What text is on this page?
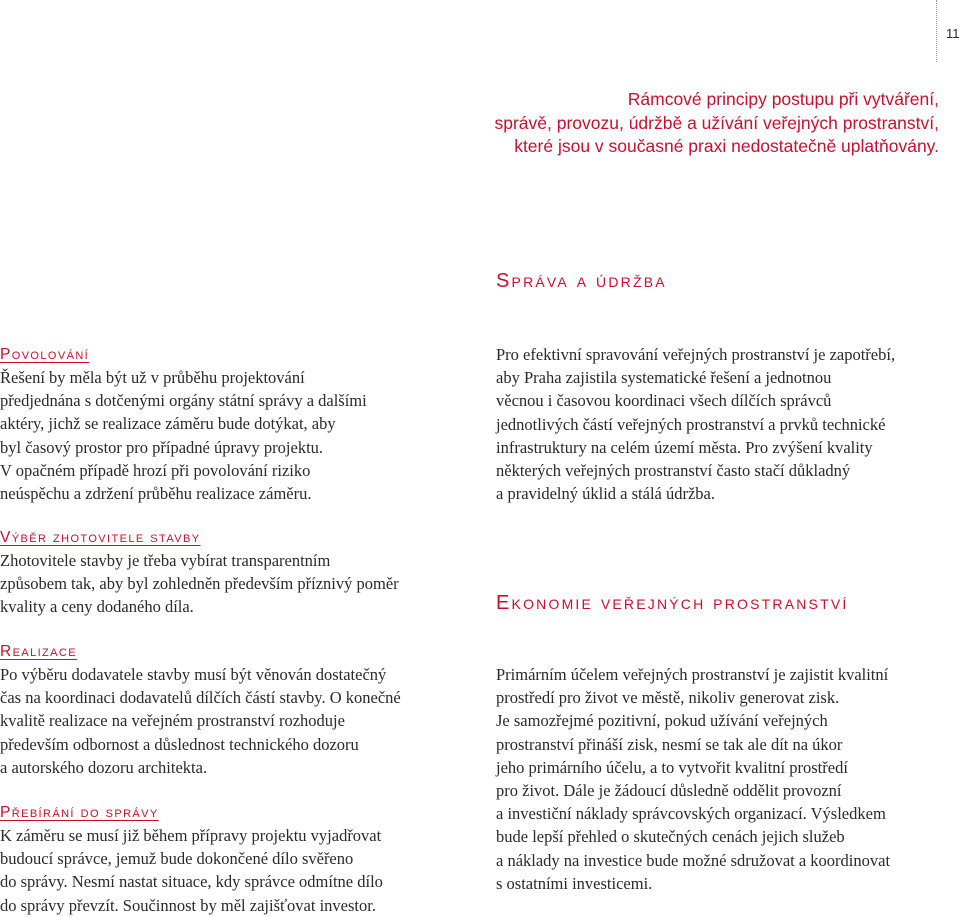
11
Rámcové principy postupu při vytváření,
správě, provozu, údržbě a užívání veřejných prostranství,
které jsou v současné praxi nedostatečně uplatňovány.
Správa a údržba
Povolování
Řešení by měla být už v průběhu projektování
předjednána s dotčenými orgány státní správy a dalšími
aktéry, jichž se realizace záměru bude dotýkat, aby
byl časový prostor pro případné úpravy projektu.
V opačném případě hrozí při povolování riziko
neúspěchu a zdržení průběhu realizace záměru.
Výběr zhotovitele stavby
Zhotovitele stavby je třeba vybírat transparentním
způsobem tak, aby byl zohledněn především příznivý poměr
kvality a ceny dodaného díla.
Realizace
Po výběru dodavatele stavby musí být věnován dostatečný
čas na koordinaci dodavatelů dílčích částí stavby. O konečné
kvalitě realizace na veřejném prostranství rozhoduje
především odbornost a důslednost technického dozoru
a autorského dozoru architekta.
Přebírání do správy
K záměru se musí již během přípravy projektu vyjadřovat
budoucí správce, jemuž bude dokončené dílo svěřeno
do správy. Nesmí nastat situace, kdy správce odmítne dílo
do správy převzít. Součinnost by měl zajišťovat investor.
Pro efektivní spravování veřejných prostranství je zapotřebí,
aby Praha zajistila systematické řešení a jednotnou
věcnou i časovou koordinaci všech dílčích správců
jednotlivých částí veřejných prostranství a prvků technické
infrastruktury na celém území města. Pro zvýšení kvality
některých veřejných prostranství často stačí důkladný
a pravidelný úklid a stálá údržba.
Ekonomie veřejných prostranství
Primárním účelem veřejných prostranství je zajistit kvalitní
prostředí pro život ve městě, nikoliv generovat zisk.
Je samozřejmé pozitivní, pokud užívání veřejných
prostranství přináší zisk, nesmí se tak ale dít na úkor
jeho primárního účelu, a to vytvořit kvalitní prostředí
pro život. Dále je žádoucí důsledně oddělit provozní
a investiční náklady správcovských organizací. Výsledkem
bude lepší přehled o skutečných cenách jejich služeb
a náklady na investice bude možné sdružovat a koordinovat
s ostatními investicemi.
